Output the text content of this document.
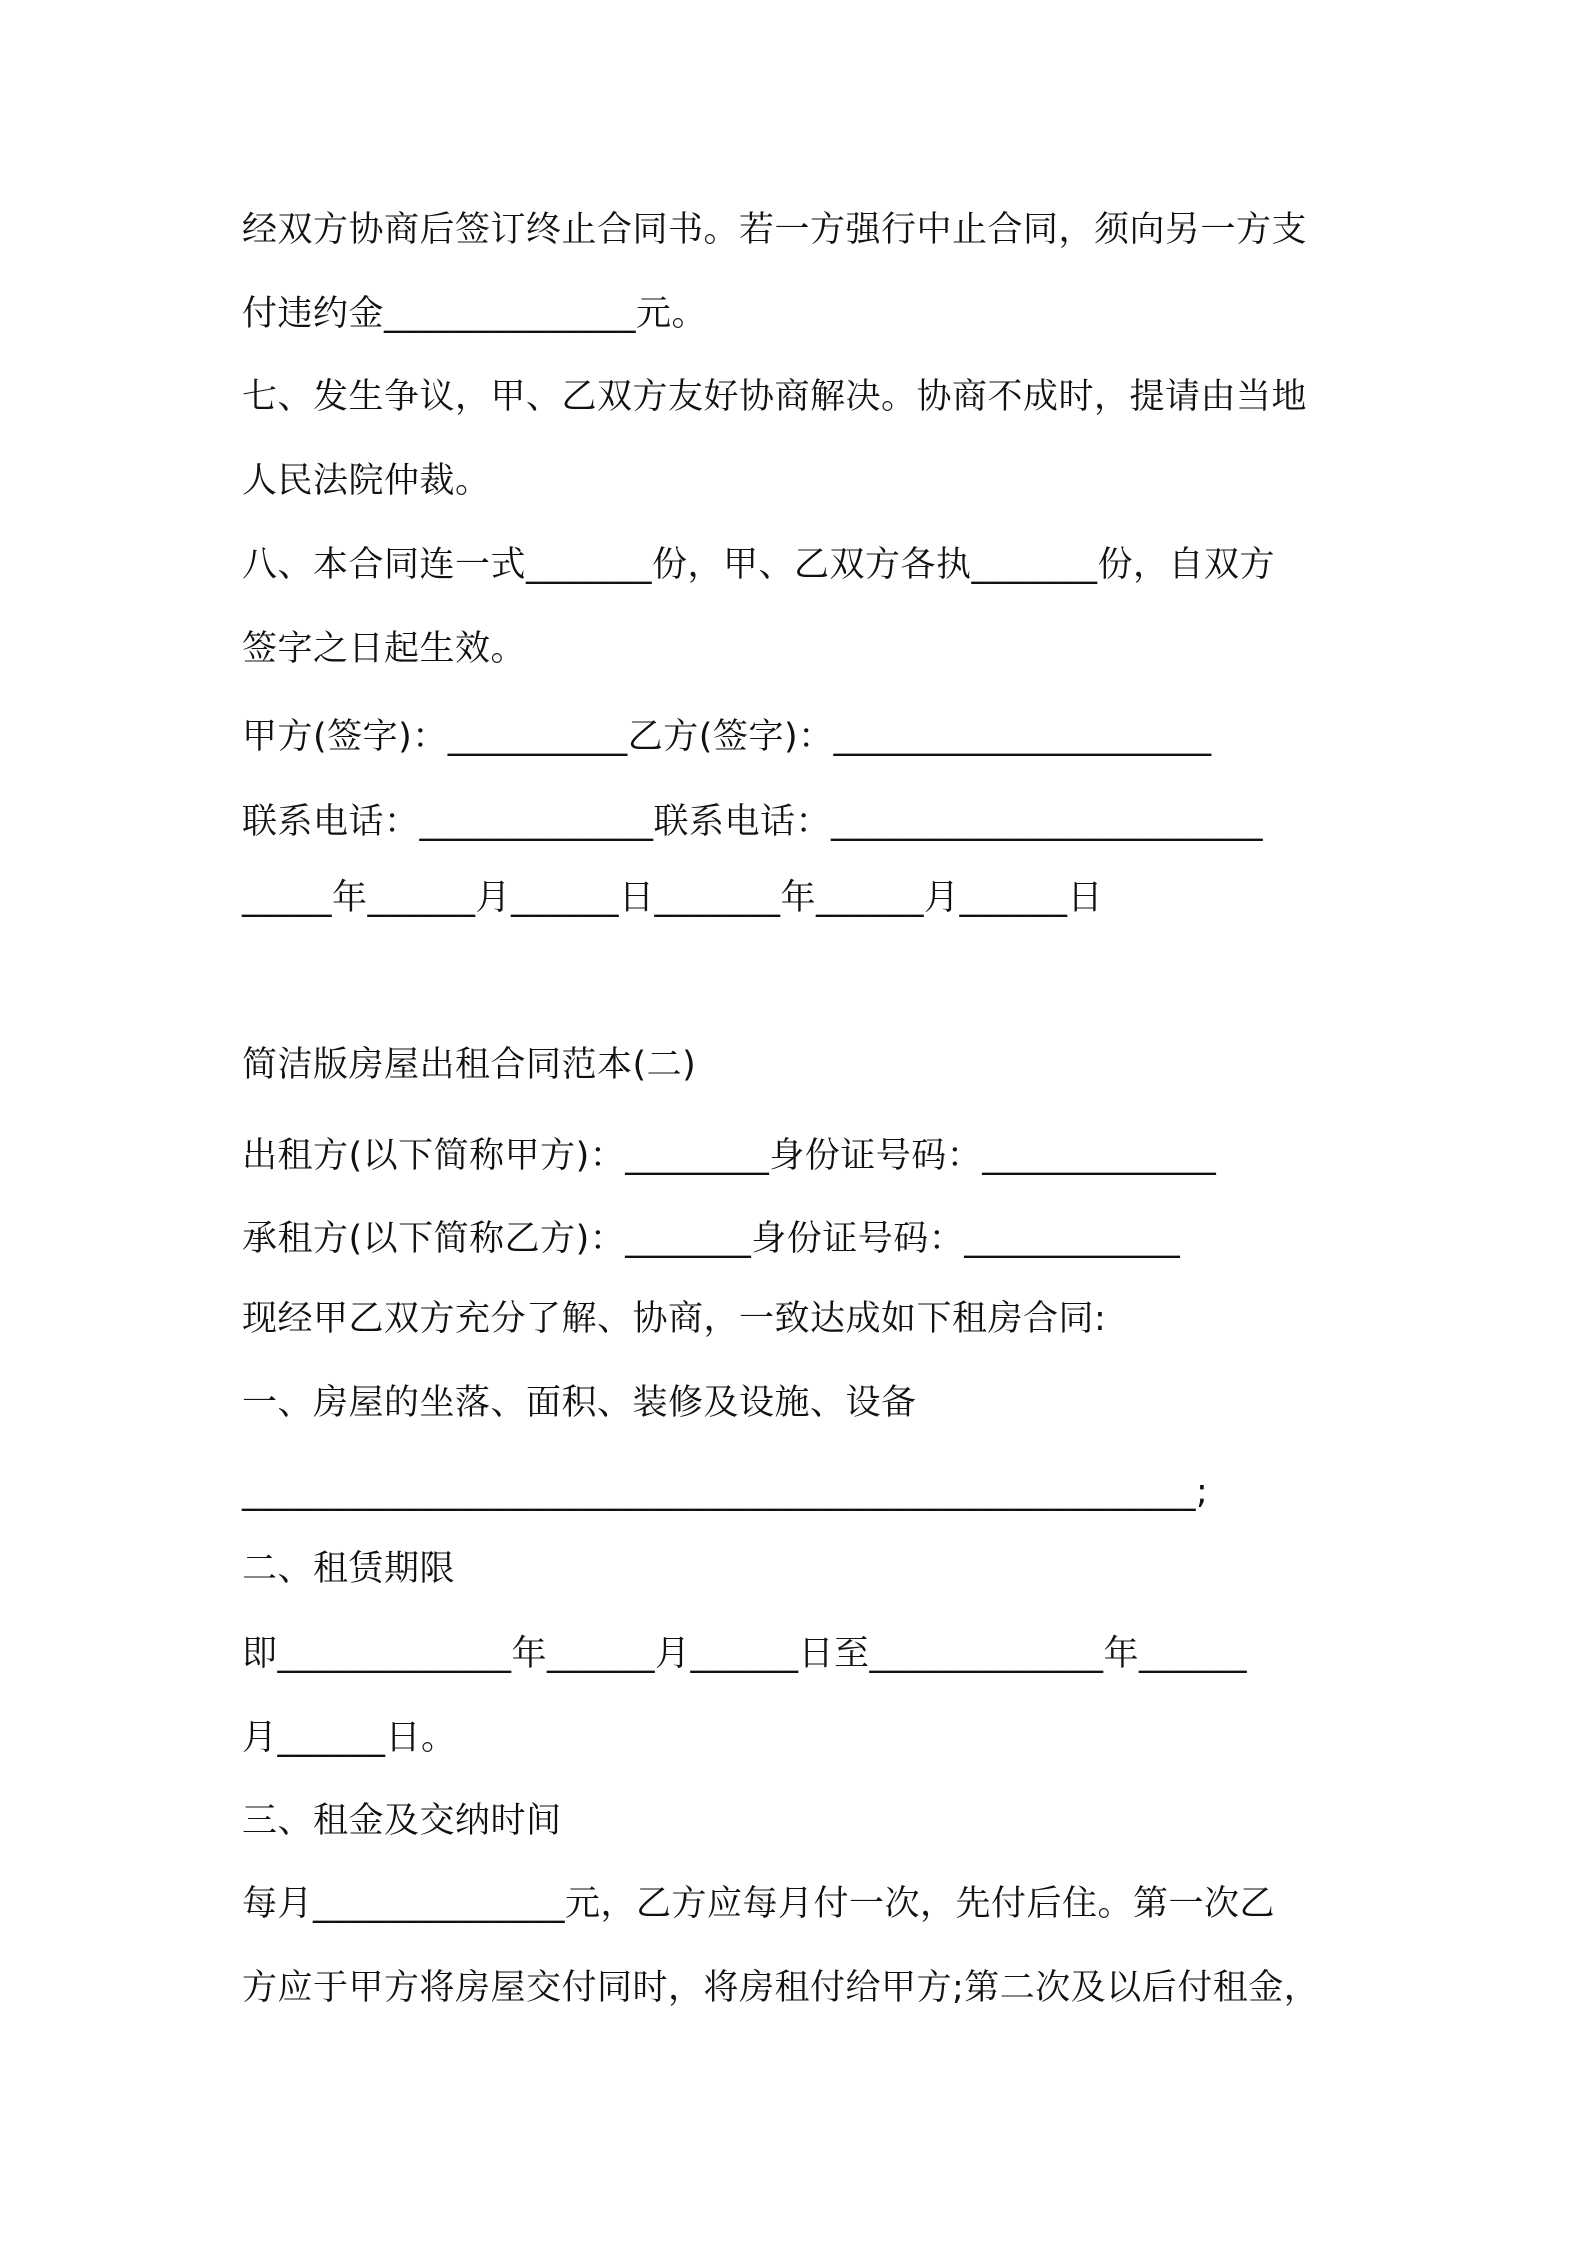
经双方协商后签订终止合同书。若一方强行中止合同，须向另一方支
付违约金______________元。
七、发生争议，甲、乙双方友好协商解决。协商不成时，提请由当地
人民法院仲裁。
八、本合同连一式_______份，甲、乙双方各执_______份，自双方
签字之日起生效。
甲方(签字)：__________乙方(签字)：_____________________
联系电话：_____________联系电话：________________________
_____年______月______日_______年______月______日
简洁版房屋出租合同范本(二)
出租方(以下简称甲方)：________身份证号码：_____________
承租方(以下简称乙方)：_______身份证号码：____________
现经甲乙双方充分了解、协商，一致达成如下租房合同:
一、房屋的坐落、面积、装修及设施、设备
_____________________________________________________;
二、租赁期限
即_____________年______月______日至_____________年______
月______日。
三、租金及交纳时间
每月______________元，乙方应每月付一次，先付后住。第一次乙
方应于甲方将房屋交付同时，将房租付给甲方;第二次及以后付租金，
